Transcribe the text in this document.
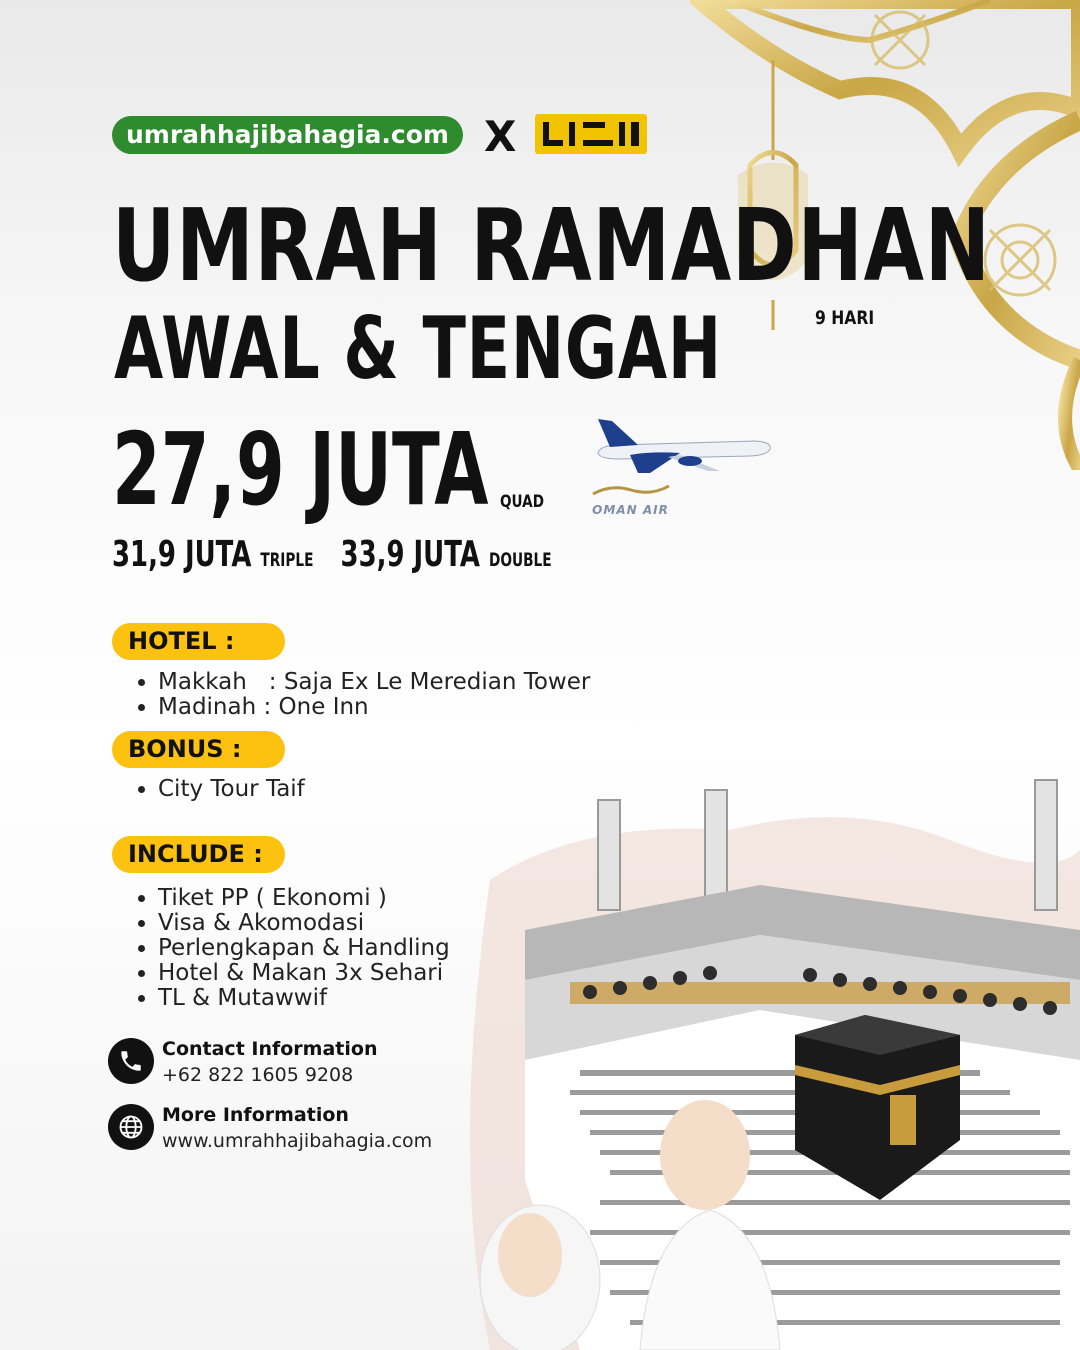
umrahhajibahagia.com X
UMRAH RAMADHAN
AWAL & TENGAH	9 HARI
27,9 JUTA QUAD
31,9 JUTA TRIPLE 33,9 JUTA DOUBLE
OMAN AIR
HOTEL :
• Makkah   : Saja Ex Le Meredian Tower
• Madinah : One Inn
BONUS :
• City Tour Taif
INCLUDE :
• Tiket PP ( Ekonomi )
• Visa & Akomodasi
• Perlengkapan & Handling
• Hotel & Makan 3x Sehari
• TL & Mutawwif
Contact Information
+62 822 1605 9208
More Information
www.umrahhajibahagia.com
